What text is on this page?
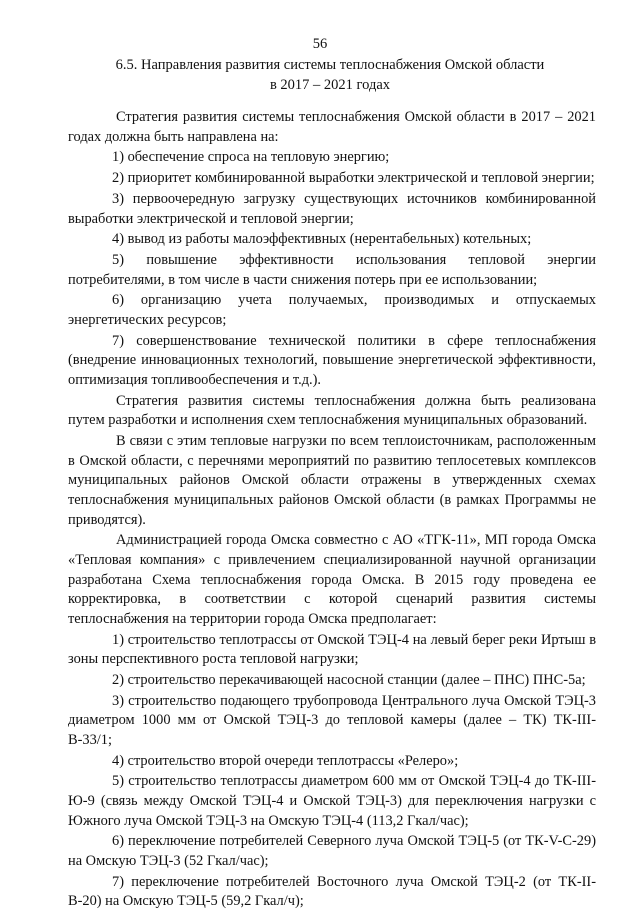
56
6.5. Направления развития системы теплоснабжения Омской области
в 2017 – 2021 годах

Стратегия развития системы теплоснабжения Омской области в 2017 – 2021 годах должна быть направлена на:

1) обеспечение спроса на тепловую энергию;

2) приоритет комбинированной выработки электрической и тепловой энергии;

3) первоочередную загрузку существующих источников комбинированной выработки электрической и тепловой энергии;

4) вывод из работы малоэффективных (нерентабельных) котельных;

5) повышение эффективности использования тепловой энергии потребителями, в том числе в части снижения потерь при ее использовании;

6) организацию учета получаемых, производимых и отпускаемых энергетических ресурсов;

7) совершенствование технической политики в сфере теплоснабжения (внедрение инновационных технологий, повышение энергетической эффективности, оптимизация топливообеспечения и т.д.).

Стратегия развития системы теплоснабжения должна быть реализована путем разработки и исполнения схем теплоснабжения муниципальных образований.

В связи с этим тепловые нагрузки по всем теплоисточникам, расположенным в Омской области, с перечнями мероприятий по развитию теплосетевых комплексов муниципальных районов Омской области отражены в утвержденных схемах теплоснабжения муниципальных районов Омской области (в рамках Программы не приводятся).

Администрацией города Омска совместно с АО «ТГК-11», МП города Омска «Тепловая компания» с привлечением специализированной научной организации разработана Схема теплоснабжения города Омска. В 2015 году проведена ее корректировка, в соответствии с которой сценарий развития системы теплоснабжения на территории города Омска предполагает:

1) строительство теплотрассы от Омской ТЭЦ-4 на левый берег реки Иртыш в зоны перспективного роста тепловой нагрузки;

2) строительство перекачивающей насосной станции (далее – ПНС) ПНС-5а;

3) строительство подающего трубопровода Центрального луча Омской ТЭЦ-3 диаметром 1000 мм от Омской ТЭЦ-3 до тепловой камеры (далее – ТК) ТК-III-В-33/1;

4) строительство второй очереди теплотрассы «Релеро»;

5) строительство теплотрассы диаметром 600 мм от Омской ТЭЦ-4 до ТК-III-Ю-9 (связь между Омской ТЭЦ-4 и Омской ТЭЦ-3) для переключения нагрузки с Южного луча Омской ТЭЦ-3 на Омскую ТЭЦ-4 (113,2 Гкал/час);

6) переключение потребителей Северного луча Омской ТЭЦ-5 (от ТК-V-С-29) на Омскую ТЭЦ-3 (52 Гкал/час);

7) переключение потребителей Восточного луча Омской ТЭЦ-2 (от ТК-II-В-20) на Омскую ТЭЦ-5 (59,2 Гкал/ч);
